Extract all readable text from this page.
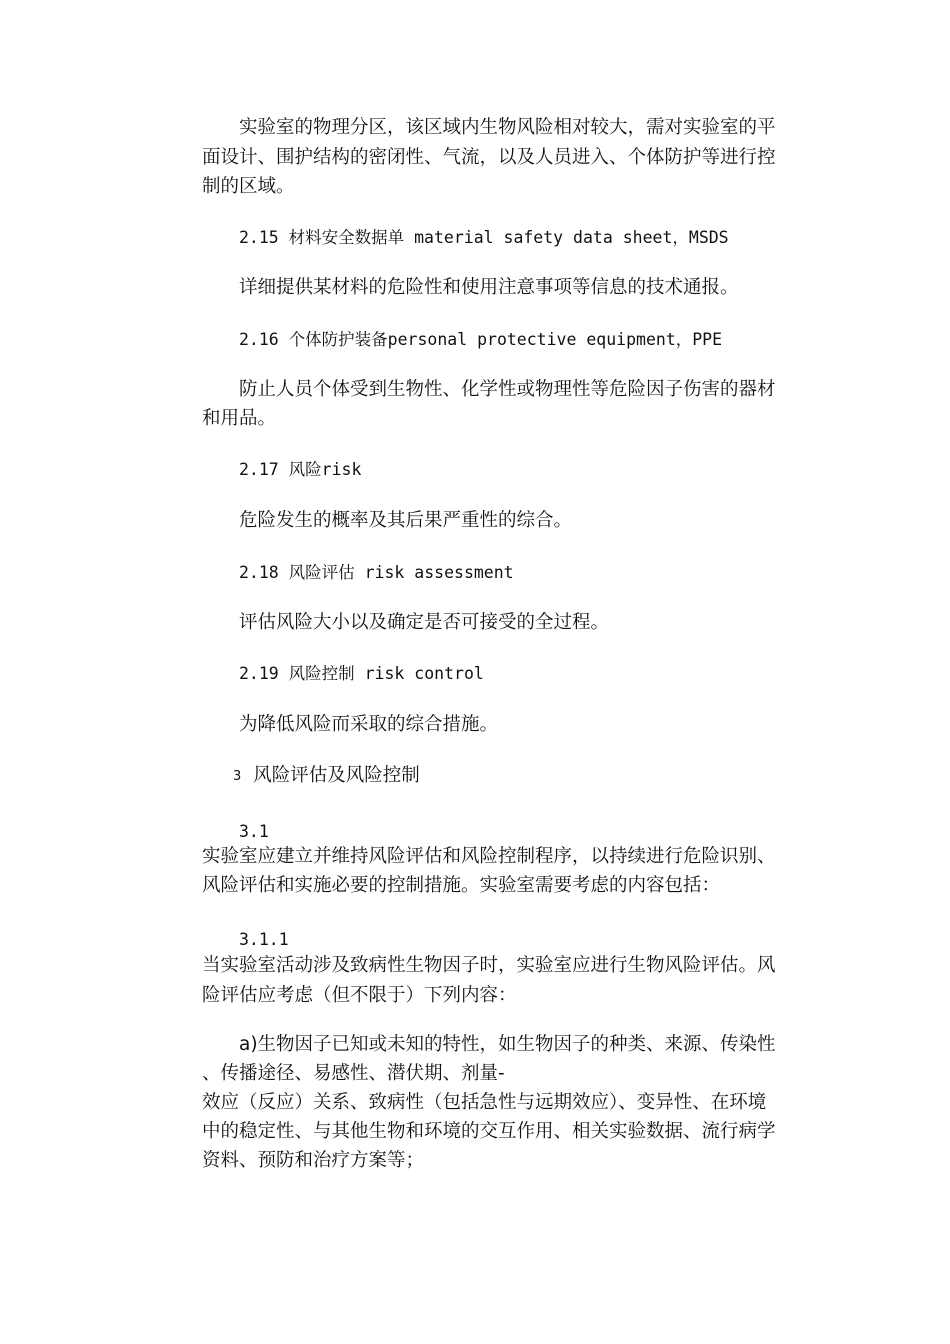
实验室的物理分区，该区域内生物风险相对较大，需对实验室的平
面设计、围护结构的密闭性、气流，以及人员进入、个体防护等进行控
制的区域。
2.15 材料安全数据单 material safety data sheet，MSDS
详细提供某材料的危险性和使用注意事项等信息的技术通报。
2.16 个体防护装备personal protective equipment，PPE
防止人员个体受到生物性、化学性或物理性等危险因子伤害的器材
和用品。
2.17 风险risk
危险发生的概率及其后果严重性的综合。
2.18 风险评估 risk assessment
评估风险大小以及确定是否可接受的全过程。
2.19 风险控制 risk control
为降低风险而采取的综合措施。
3 风险评估及风险控制
3.1
实验室应建立并维持风险评估和风险控制程序，以持续进行危险识别、
风险评估和实施必要的控制措施。实验室需要考虑的内容包括：
3.1.1
当实验室活动涉及致病性生物因子时，实验室应进行生物风险评估。风
险评估应考虑（但不限于）下列内容：
a)生物因子已知或未知的特性，如生物因子的种类、来源、传染性
、传播途径、易感性、潜伏期、剂量-
效应（反应）关系、致病性（包括急性与远期效应）、变异性、在环境
中的稳定性、与其他生物和环境的交互作用、相关实验数据、流行病学
资料、预防和治疗方案等；
